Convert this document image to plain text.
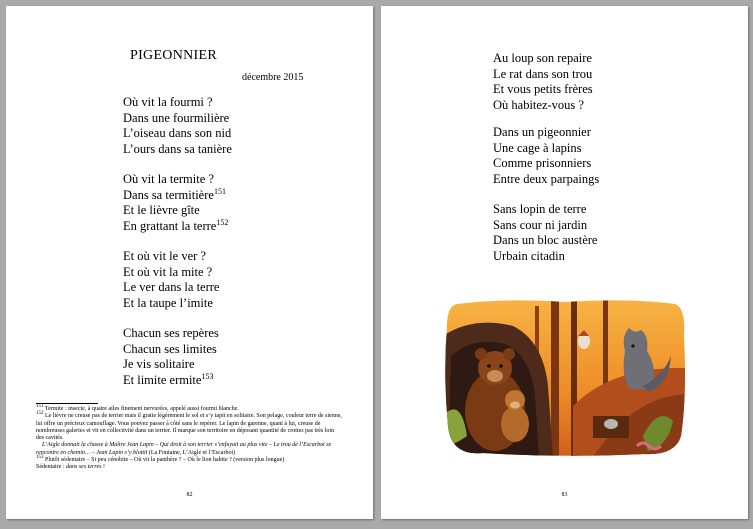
PIGEONNIER
décembre 2015
Où vit la fourmi ?
Dans une fourmilière
L’oiseau dans son nid
L’ours dans sa tanière
Où vit la termite ?
Dans sa termitière$^{151}$
Et le lièvre gîte
En grattant la terre$^{152}$
Et où vit le ver ?
Et où vit la mite ?
Le ver dans la terre
Et la taupe l’imite
Chacun ses repères
Chacun ses limites
Je vis solitaire
Et limite ermite$^{153}$

$^{151}$ Termite : insecte, à quatre ailes finement nervurées, appelé aussi fourmi blanche.

$^{152}$ Le lièvre ne creuse pas de terrier mais il gratte légèrement le sol et s’y tapit en solitaire. Son pelage, couleur terre de sienne, lui offre un précieux camouflage. Vous pouvez passer à côté sans le repérer. Le lapin de garenne, quant à lui, creuse de nombreuses galeries et vit en collectivité dans un terrier. Il marque son territoire en déposant quantité de crottes pas très loin des cavités.

L’Aigle donnait la chasse à Maître Jean Lapin – Qui droit à son terrier s’enfuyait au plus vite – Le trou de l’Escarbot se rencontre en chemin… – Jean Lapin s’y blottit (La Fontaine, L’Aigle et l’Escarbot)

$^{153}$ Plutôt sédentaire – Si peu cénobite – Où vit la panthère ? – Où le lion habite ? (version plus longue)

Sédentaire : dans ses terres !

82
Au loup son repaire
Le rat dans son trou
Et vous petits frères
Où habitez-vous ?
Dans un pigeonnier
Une cage à lapins
Comme prisonniers
Entre deux parpaings
Sans lopin de terre
Sans cour ni jardin
Dans un bloc austère
Urbain citadin
83
